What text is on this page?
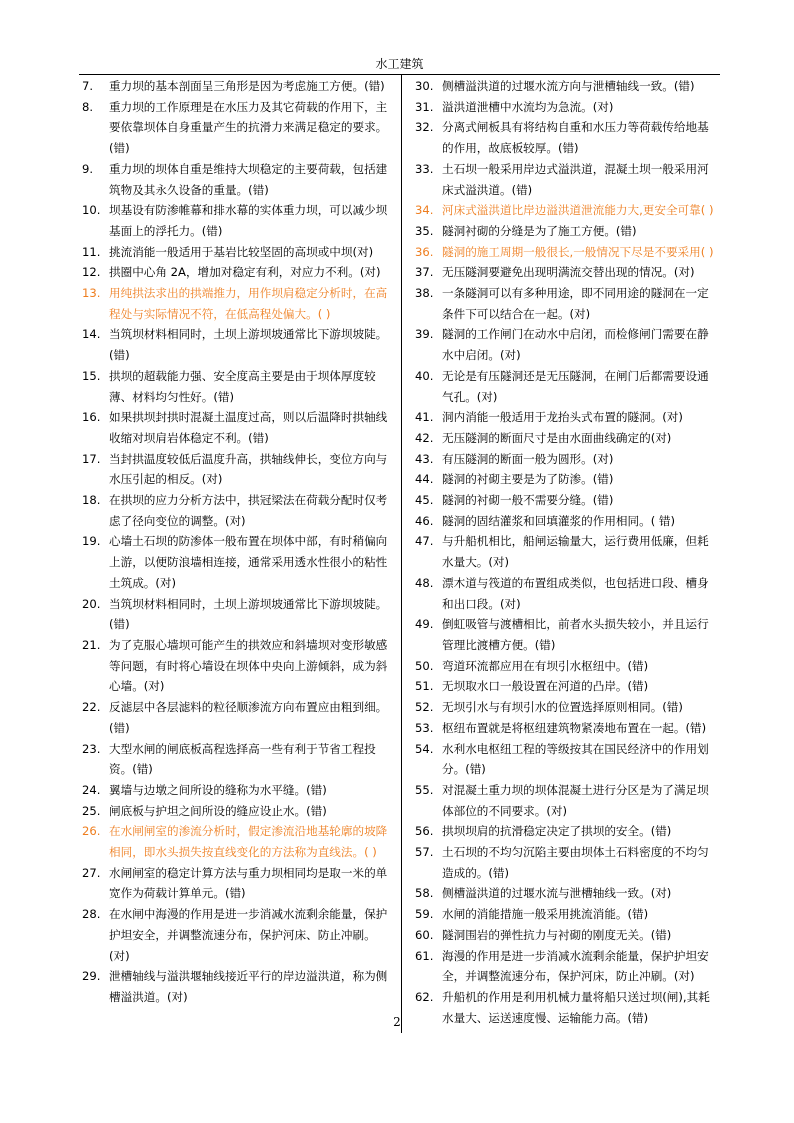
水工建筑
7.	重力坝的基本剖面呈三角形是因为考虑施工方便。(错)
8.	重力坝的工作原理是在水压力及其它荷载的作用下，主要依靠坝体自身重量产生的抗滑力来满足稳定的要求。(错)
9.	重力坝的坝体自重是维持大坝稳定的主要荷载，包括建筑物及其永久设备的重量。(错)
10. 坝基设有防渗帷幕和排水幕的实体重力坝，可以减少坝基面上的浮托力。(错)
11. 挑流消能一般适用于基岩比较坚固的高坝或中坝(对)
12. 拱圈中心角 2A，增加对稳定有利，对应力不利。(对)
13. 用纯拱法求出的拱端推力，用作坝肩稳定分析时，在高程处与实际情况不符，在低高程处偏大。( )
14. 当筑坝材料相同时，土坝上游坝坡通常比下游坝坡陡。(错)
15. 拱坝的超载能力强、安全度高主要是由于坝体厚度较薄、材料均匀性好。(错)
16. 如果拱坝封拱时混凝土温度过高，则以后温降时拱轴线收缩对坝肩岩体稳定不利。(错)
17. 当封拱温度较低后温度升高，拱轴线伸长，变位方向与水压引起的相反。(对)
18. 在拱坝的应力分析方法中，拱冠梁法在荷载分配时仅考虑了径向变位的调整。(对)
19. 心墙土石坝的防渗体一般布置在坝体中部，有时稍偏向上游，以便防浪墙相连接，通常采用透水性很小的粘性土筑成。(对)
20. 当筑坝材料相同时，土坝上游坝坡通常比下游坝坡陡。(错)
21. 为了克服心墙坝可能产生的拱效应和斜墙坝对变形敏感等问题，有时将心墙设在坝体中央向上游倾斜，成为斜心墙。(对)
22. 反滤层中各层滤料的粒径顺渗流方向布置应由粗到细。(错)
23. 大型水闸的闸底板高程选择高一些有利于节省工程投资。(错)
24. 翼墙与边墩之间所设的缝称为水平缝。(错)
25. 闸底板与护坦之间所设的缝应设止水。(错)
26. 在水闸闸室的渗流分析时，假定渗流沿地基轮廓的坡降相同，即水头损失按直线变化的方法称为直线法。( )
27. 水闸闸室的稳定计算方法与重力坝相同均是取一米的单宽作为荷载计算单元。(错)
28. 在水闸中海漫的作用是进一步消减水流剩余能量，保护护坦安全，并调整流速分布，保护河床、防止冲刷。(对)
29. 泄槽轴线与溢洪堰轴线接近平行的岸边溢洪道，称为侧槽溢洪道。(对)
30. 侧槽溢洪道的过堰水流方向与泄槽轴线一致。(错)
31. 溢洪道泄槽中水流均为急流。(对)
32. 分离式闸板具有将结构自重和水压力等荷载传给地基的作用，故底板较厚。(错)
33. 土石坝一般采用岸边式溢洪道，混凝土坝一般采用河床式溢洪道。(错)
34. 河床式溢洪道比岸边溢洪道泄流能力大,更安全可靠( )
35. 隧洞衬砌的分缝是为了施工方便。(错)
36. 隧洞的施工周期一般很长,一般情况下尽是不要采用( )
37. 无压隧洞要避免出现明满流交替出现的情况。(对)
38. 一条隧洞可以有多种用途，即不同用途的隧洞在一定条件下可以结合在一起。(对)
39. 隧洞的工作闸门在动水中启闭，而检修闸门需要在静水中启闭。(对)
40. 无论是有压隧洞还是无压隧洞，在闸门后都需要设通气孔。(对)
41. 洞内消能一般适用于龙抬头式布置的隧洞。(对)
42. 无压隧洞的断面尺寸是由水面曲线确定的(对)
43. 有压隧洞的断面一般为圆形。(对)
44. 隧洞的衬砌主要是为了防渗。(错)
45. 隧洞的衬砌一般不需要分缝。(错)
46. 隧洞的固结灌浆和回填灌浆的作用相同。( 错)
47. 与升船机相比，船闸运输量大，运行费用低廉，但耗水量大。(对)
48. 漂木道与筏道的布置组成类似，也包括进口段、槽身和出口段。(对)
49. 倒虹吸管与渡槽相比，前者水头损失较小，并且运行管理比渡槽方便。(错)
50. 弯道环流都应用在有坝引水枢纽中。(错)
51. 无坝取水口一般设置在河道的凸岸。(错)
52. 无坝引水与有坝引水的位置选择原则相同。(错)
53. 枢纽布置就是将枢纽建筑物紧凑地布置在一起。(错)
54. 水利水电枢纽工程的等级按其在国民经济中的作用划分。(错)
55. 对混凝土重力坝的坝体混凝土进行分区是为了满足坝体部位的不同要求。(对)
56. 拱坝坝肩的抗滑稳定决定了拱坝的安全。(错)
57. 土石坝的不均匀沉陷主要由坝体土石料密度的不均匀造成的。(错)
58. 侧槽溢洪道的过堰水流与泄槽轴线一致。(对)
59. 水闸的消能措施一般采用挑流消能。(错)
60. 隧洞围岩的弹性抗力与衬砌的刚度无关。(错)
61. 海漫的作用是进一步消减水流剩余能量，保护护坦安全，并调整流速分布，保护河床，防止冲刷。(对)
62. 升船机的作用是利用机械力量将船只送过坝(闸),其耗水量大、运送速度慢、运输能力高。(错)
2
